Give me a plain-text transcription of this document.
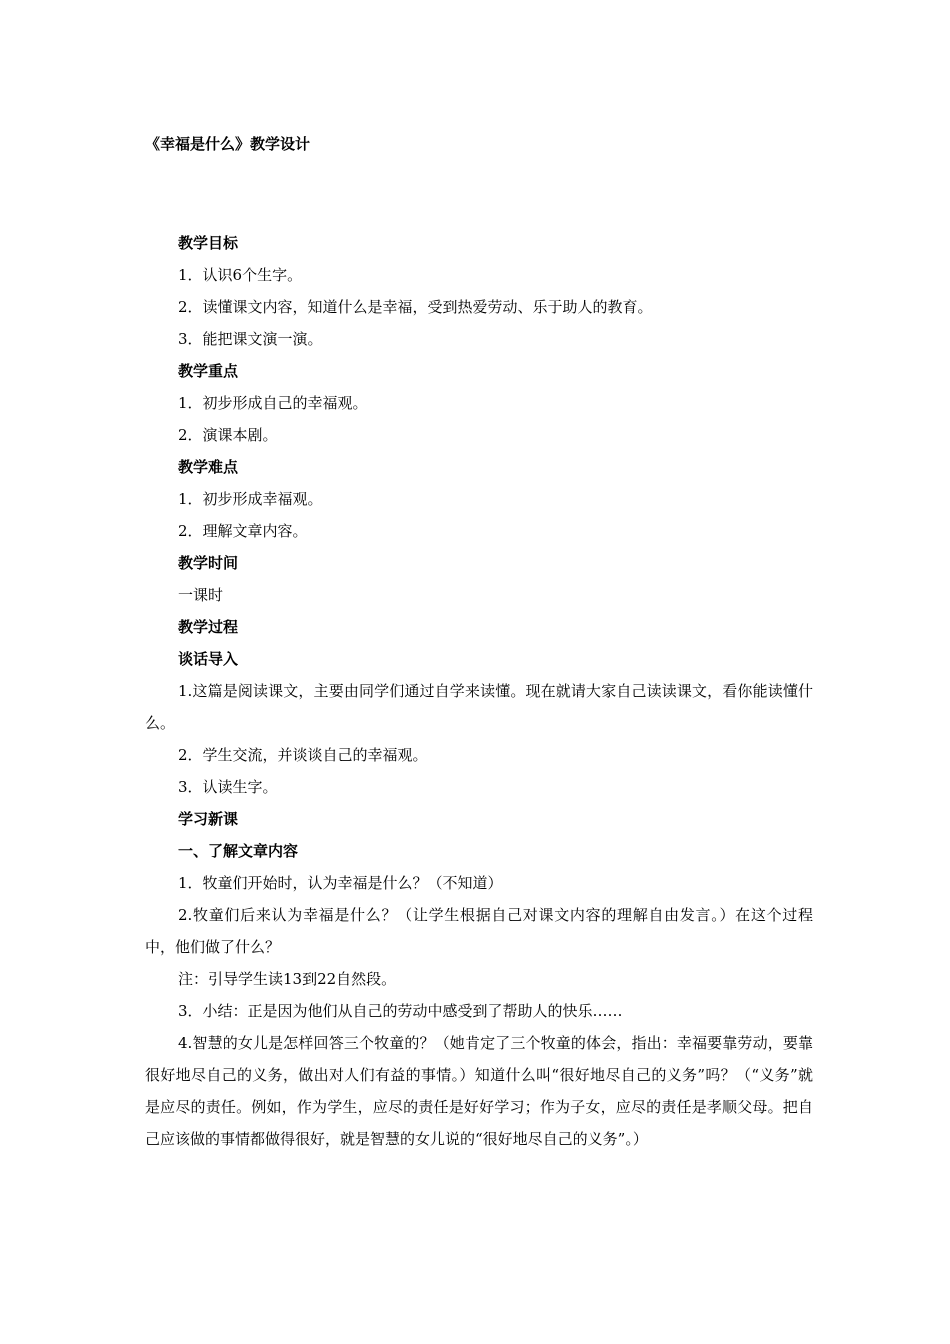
《幸福是什么》教学设计

教学目标

1．认识6个生字。

2．读懂课文内容，知道什么是幸福，受到热爱劳动、乐于助人的教育。

3．能把课文演一演。

教学重点

1．初步形成自己的幸福观。

2．演课本剧。

教学难点

1．初步形成幸福观。

2．理解文章内容。

教学时间

一课时

教学过程

谈话导入

1.这篇是阅读课文，主要由同学们通过自学来读懂。现在就请大家自己读读课文，看你能读懂什么。

2．学生交流，并谈谈自己的幸福观。

3．认读生字。

学习新课

一、了解文章内容

1．牧童们开始时，认为幸福是什么？（不知道）

2.牧童们后来认为幸福是什么？（让学生根据自己对课文内容的理解自由发言。）在这个过程中，他们做了什么？

注：引导学生读13到22自然段。

3．小结：正是因为他们从自己的劳动中感受到了帮助人的快乐……

4.智慧的女儿是怎样回答三个牧童的？（她肯定了三个牧童的体会，指出：幸福要靠劳动，要靠很好地尽自己的义务，做出对人们有益的事情。）知道什么叫“很好地尽自己的义务”吗？（“义务”就是应尽的责任。例如，作为学生，应尽的责任是好好学习；作为子女，应尽的责任是孝顺父母。把自己应该做的事情都做得很好，就是智慧的女儿说的“很好地尽自己的义务”。）
